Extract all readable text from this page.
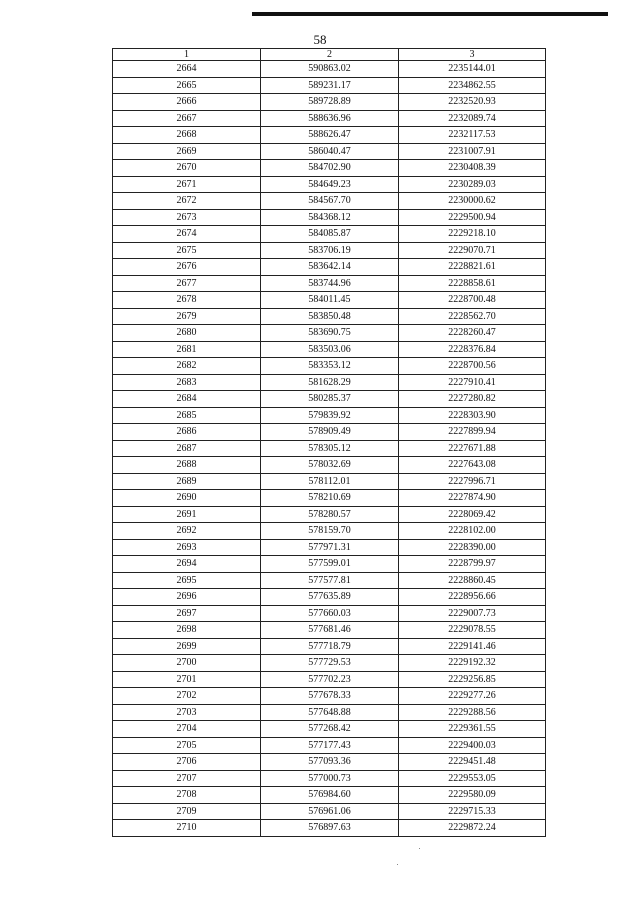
58
1	2	3
2664	590863.02	2235144.01
2665	589231.17	2234862.55
2666	589728.89	2232520.93
2667	588636.96	2232089.74
2668	588626.47	2232117.53
2669	586040.47	2231007.91
2670	584702.90	2230408.39
2671	584649.23	2230289.03
2672	584567.70	2230000.62
2673	584368.12	2229500.94
2674	584085.87	2229218.10
2675	583706.19	2229070.71
2676	583642.14	2228821.61
2677	583744.96	2228858.61
2678	584011.45	2228700.48
2679	583850.48	2228562.70
2680	583690.75	2228260.47
2681	583503.06	2228376.84
2682	583353.12	2228700.56
2683	581628.29	2227910.41
2684	580285.37	2227280.82
2685	579839.92	2228303.90
2686	578909.49	2227899.94
2687	578305.12	2227671.88
2688	578032.69	2227643.08
2689	578112.01	2227996.71
2690	578210.69	2227874.90
2691	578280.57	2228069.42
2692	578159.70	2228102.00
2693	577971.31	2228390.00
2694	577599.01	2228799.97
2695	577577.81	2228860.45
2696	577635.89	2228956.66
2697	577660.03	2229007.73
2698	577681.46	2229078.55
2699	577718.79	2229141.46
2700	577729.53	2229192.32
2701	577702.23	2229256.85
2702	577678.33	2229277.26
2703	577648.88	2229288.56
2704	577268.42	2229361.55
2705	577177.43	2229400.03
2706	577093.36	2229451.48
2707	577000.73	2229553.05
2708	576984.60	2229580.09
2709	576961.06	2229715.33
2710	576897.63	2229872.24
